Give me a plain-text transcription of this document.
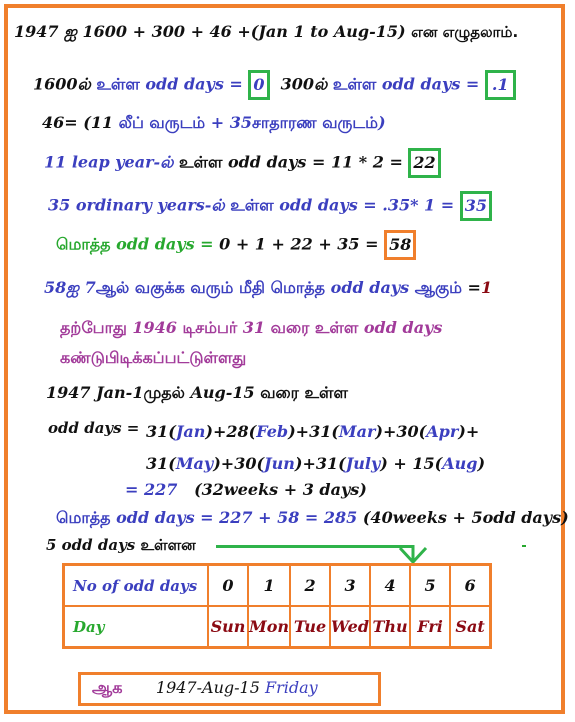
1947 ஐ 1600 + 300 + 46 +(Jan 1 to Aug-15) என எழுதலாம்.
1600ல் உள்ள odd days = 0 300ல் உள்ள odd days = .1
46= (11 லீப் வருடம் + 35சாதாரண வருடம்)
11 leap year-ல் உள்ள odd days = 11 * 2 = 22
35 ordinary years-ல் உள்ள odd days = .35* 1 = 35
மொத்த odd days = 0 + 1 + 22 + 35 = 58
58ஐ 7ஆல் வகுக்க வரும் மீதி மொத்த odd days ஆகும் =1
தற்போது 1946 டிசம்பர் 31 வரை உள்ள odd days
கண்டுபிடிக்கப்பட்டுள்ளது
1947 Jan-1முதல் Aug-15 வரை உள்ள
odd days = 31(Jan)+28(Feb)+31(Mar)+30(Apr)+
31(May)+30(Jun)+31(July) + 15(Aug)
= 227 (32weeks + 3 days)
மொத்த odd days = 227 + 58 = 285 (40weeks + 5odd days)
5 odd days உள்ளன
No of odd days	0	1	2	3	4	5	6
Day	Sun	Mon	Tue	Wed	Thu	Fri	Sat
ஆக 1947-Aug-15 Friday
